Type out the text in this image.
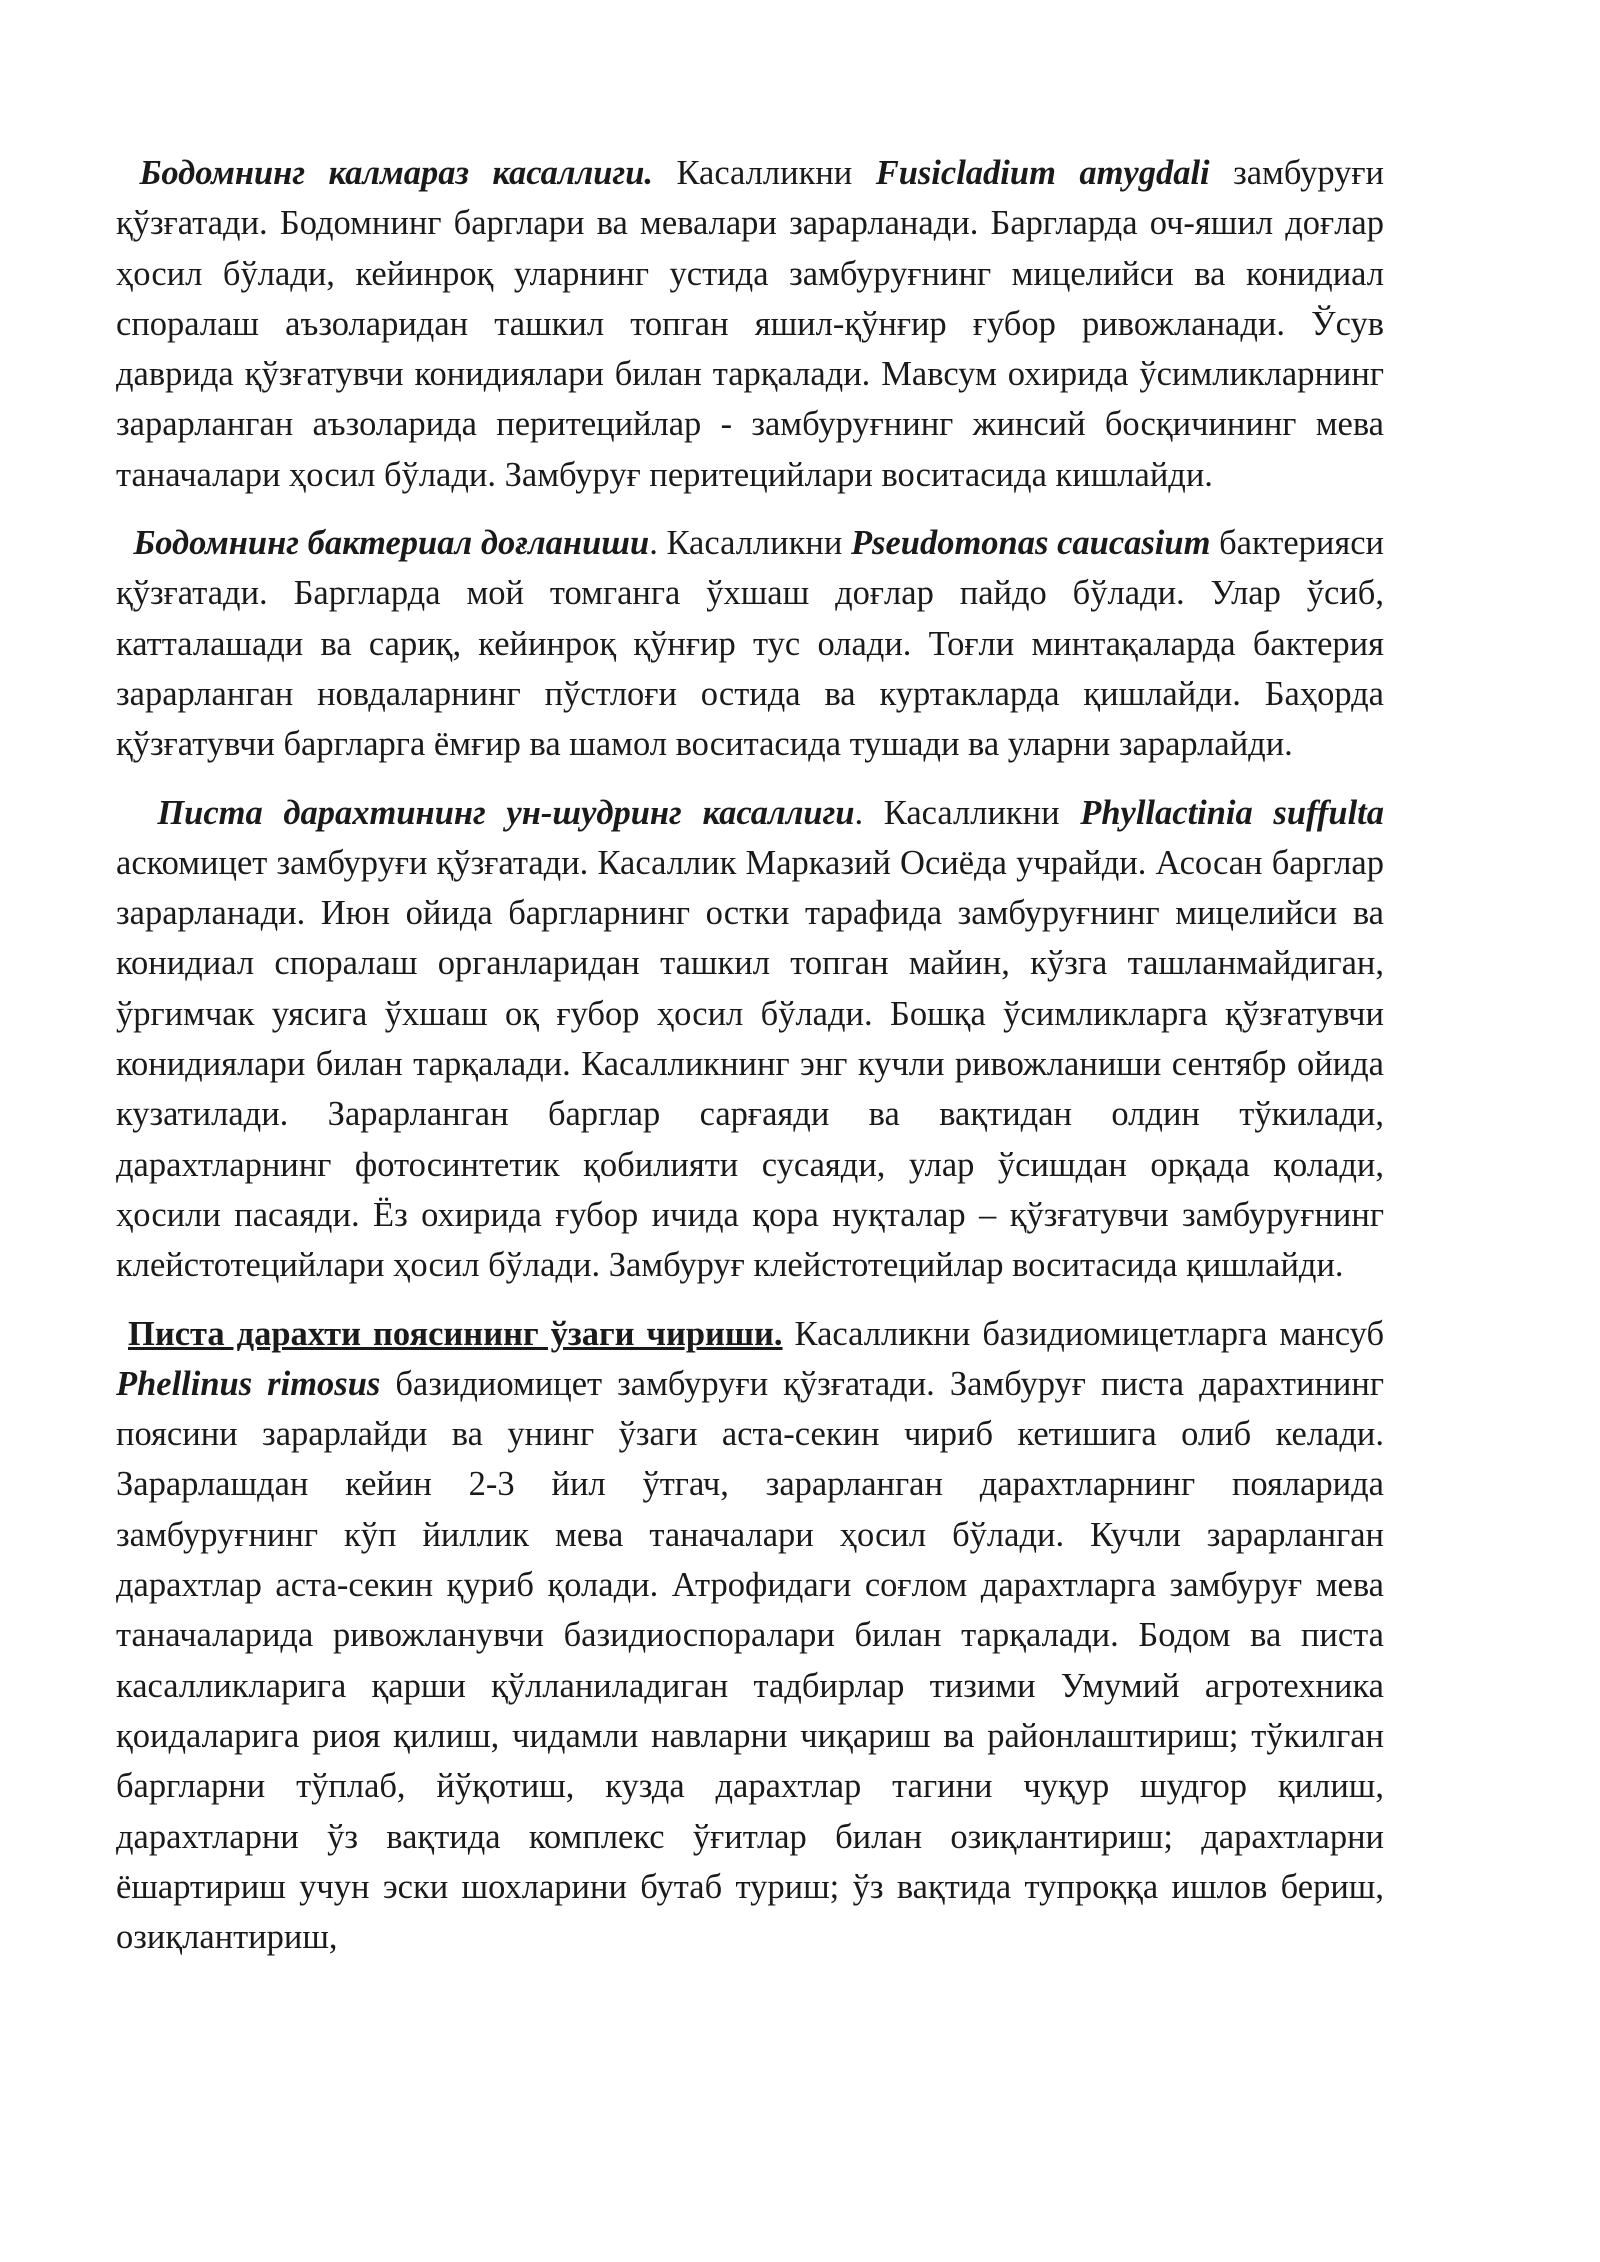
Бодомнинг калмараз касаллиги. Касалликни Fusicladium amygdali замбуруғи қўзғатади. Бодомнинг барглари ва мевалари зарарланади. Баргларда оч-яшил доғлар ҳосил бўлади, кейинроқ уларнинг устида замбуруғнинг мицелийси ва конидиал споралаш аъзоларидан ташкил топган яшил-қўнғир ғубор ривожланади. Ўсув даврида қўзғатувчи конидиялари билан тарқалади. Мавсум охирида ўсимликларнинг зарарланган аъзоларида перитецийлар - замбуруғнинг жинсий босқичининг мева таначалари ҳосил бўлади. Замбуруғ перитецийлари воситасида кишлайди.

Бодомнинг бактериал доғланиши. Касалликни Pseudomonas caucasium бактерияси қўзғатади. Баргларда мой томганга ўхшаш доғлар пайдо бўлади. Улар ўсиб, катталашади ва сариқ, кейинроқ қўнғир тус олади. Тоғли минтақаларда бактерия зарарланган новдаларнинг пўстлоғи остида ва куртакларда қишлайди. Баҳорда қўзғатувчи баргларга ёмғир ва шамол воситасида тушади ва уларни зарарлайди.

Писта дарахтининг ун-шудринг касаллиги. Касалликни Phyllactinia suffulta аскомицет замбуруғи қўзғатади. Касаллик Марказий Осиёда учрайди. Асосан барглар зарарланади. Июн ойида баргларнинг остки тарафида замбуруғнинг мицелийси ва конидиал споралаш органларидан ташкил топган майин, кўзга ташланмайдиган, ўргимчак уясига ўхшаш оқ ғубор ҳосил бўлади. Бошқа ўсимликларга қўзғатувчи конидиялари билан тарқалади. Касалликнинг энг кучли ривожланиши сентябр ойида кузатилади. Зарарланган барглар сарғаяди ва вақтидан олдин тўкилади, дарахтларнинг фотосинтетик қобилияти сусаяди, улар ўсишдан орқада қолади, ҳосили пасаяди. Ёз охирида ғубор ичида қора нуқталар – қўзғатувчи замбуруғнинг клейстотецийлари ҳосил бўлади. Замбуруғ клейстотецийлар воситасида қишлайди.

Писта дарахти поясининг ўзаги чириши. Касалликни базидиомицетларга мансуб Phellinus rimosus базидиомицет замбуруғи қўзғатади. Замбуруғ писта дарахтининг поясини зарарлайди ва унинг ўзаги аста-секин чириб кетишига олиб келади. Зарарлашдан кейин 2-3 йил ўтгач, зарарланган дарахтларнинг пояларида замбуруғнинг кўп йиллик мева таначалари ҳосил бўлади. Кучли зарарланган дарахтлар аста-секин қуриб қолади. Атрофидаги соғлом дарахтларга замбуруғ мева таначаларида ривожланувчи базидиоспоралари билан тарқалади. Бодом ва писта касалликларига қарши қўлланиладиган тадбирлар тизими Умумий агротехника қоидаларига риоя қилиш, чидамли навларни чиқариш ва районлаштириш; тўкилган баргларни тўплаб, йўқотиш, кузда дарахтлар тагини чуқур шудгор қилиш, дарахтларни ўз вақтида комплекс ўғитлар билан озиқлантириш; дарахтларни ёшартириш учун эски шохларини бутаб туриш; ўз вақтида тупроққа ишлов бериш, озиқлантириш,
